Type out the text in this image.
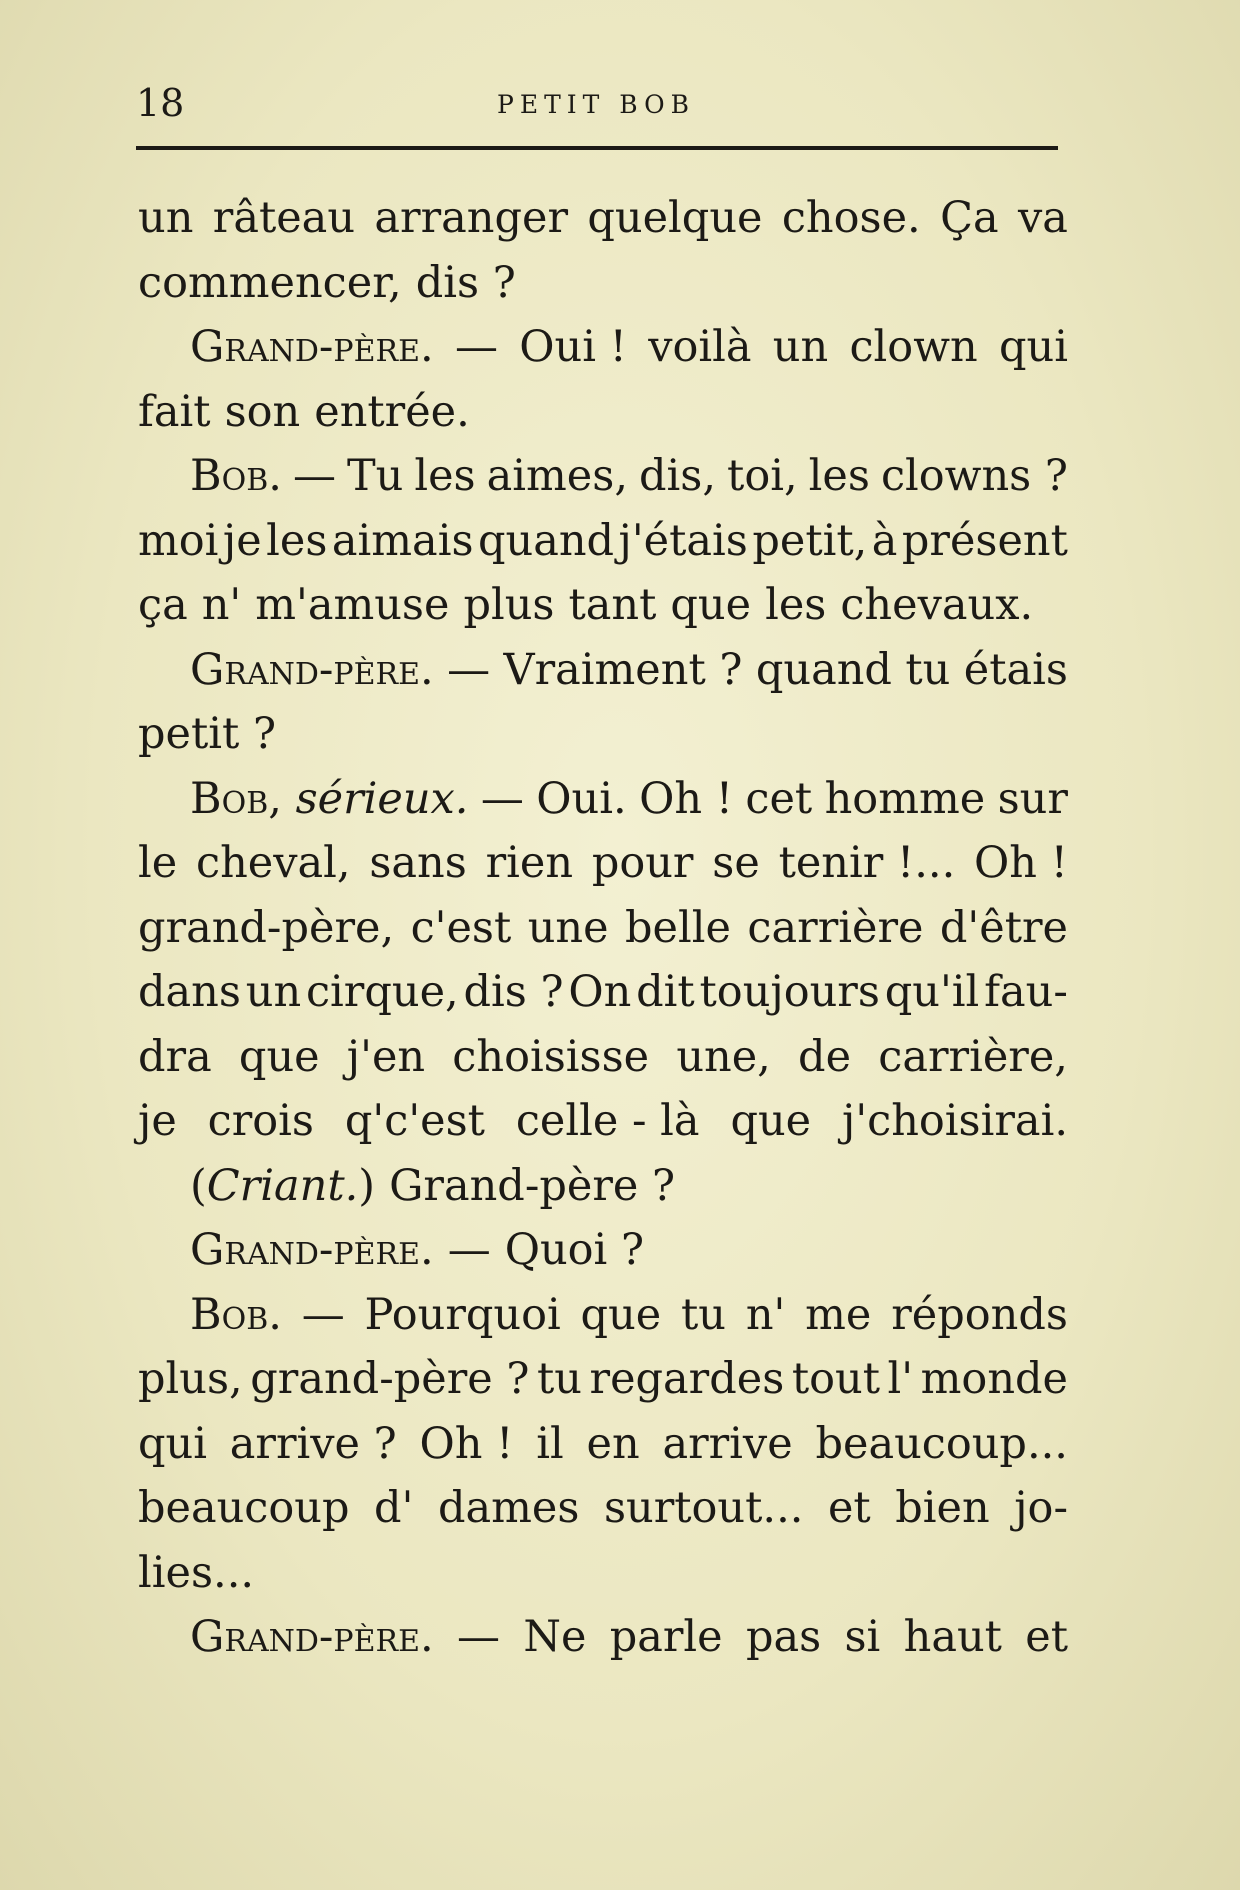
18	PETIT BOB
un râteau arranger quelque chose. Ça va
commencer, dis ?
Grand-père. — Oui ! voilà un clown qui
fait son entrée.
Bob. — Tu les aimes, dis, toi, les clowns ?
moi je les aimais quand j'étais petit, à présent
ça n' m'amuse plus tant que les chevaux.
Grand-père. — Vraiment ? quand tu étais
petit ?
Bob, sérieux. — Oui. Oh ! cet homme sur
le cheval, sans rien pour se tenir !... Oh !
grand-père, c'est une belle carrière d'être
dans un cirque, dis ? On dit toujours qu'il fau-
dra que j'en choisisse une, de carrière,
je crois q'c'est celle - là que j'choisirai.
(Criant.) Grand-père ?
Grand-père. — Quoi ?
Bob. — Pourquoi que tu n' me réponds
plus, grand-père ? tu regardes tout l' monde
qui arrive ? Oh ! il en arrive beaucoup...
beaucoup d' dames surtout... et bien jo-
lies...
Grand-père. — Ne parle pas si haut et
